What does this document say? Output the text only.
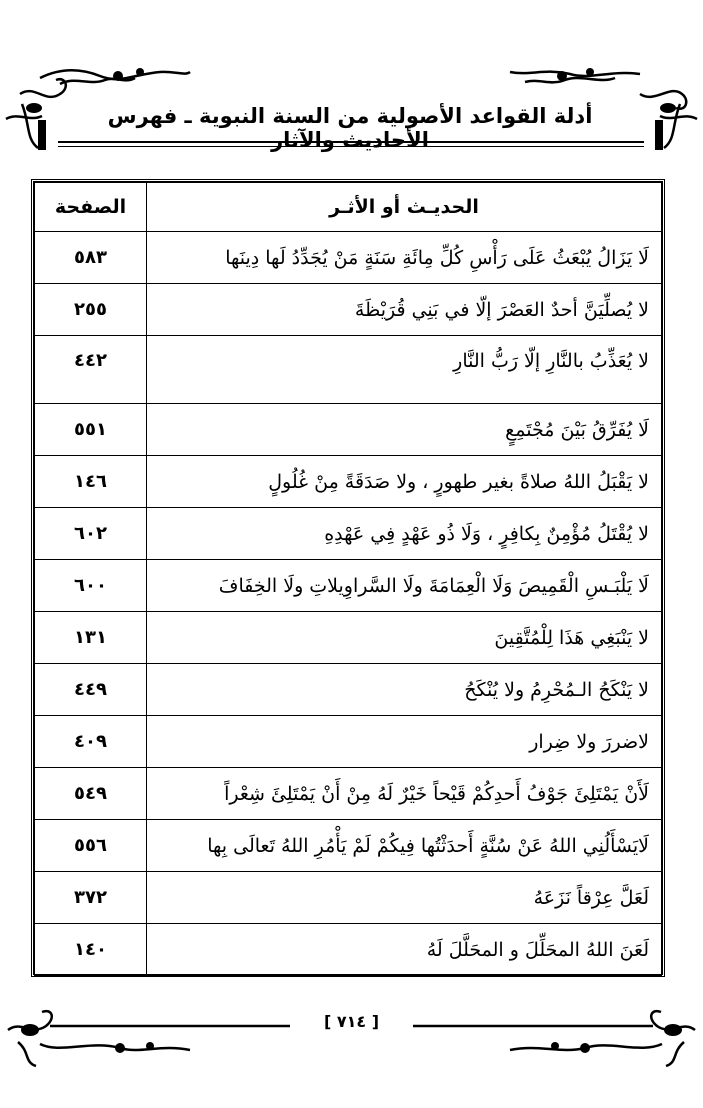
أدلة القواعد الأصولية من السنة النبوية ـ فهرس الأحاديث والآثار
الحديـث أو الأثـر	الصفحة
لَا يَزَالُ يُبْعَثُ عَلَى رَأْسِ كُلِّ مِائَةِ سَنَةٍ مَنْ يُجَدِّدُ لَها دِينَها	٥٨٣
لا يُصلِّيَنَّ أحدٌ العَصْرَ إلّا في بَنِي قُرَيْظَةَ	٢٥٥
لا يُعَذِّبُ بالنَّارِ إلّا رَبُّ النَّارِ	٤٤٢
لَا يُفَرِّقُ بَيْنَ مُجْتَمِعٍ	٥٥١
لا يَقْبَلُ اللهُ صلاةً بغير طهورٍ ، ولا صَدَقَةً مِنْ غُلُولٍ	١٤٦
لا يُقْتَلُ مُؤْمِنٌ بِكافِرٍ ، وَلَا ذُو عَهْدٍ فِي عَهْدِهِ	٦٠٢
لَا يَلْبَـسِ الْقَمِيصَ وَلَا الْعِمَامَةَ ولَا السَّراوِيلاتِ ولَا الخِفَافَ	٦٠٠
لا يَنْبَغِي هَذَا لِلْمُتَّقِينَ	١٣١
لا يَنْكَحُ الـمُحْرِمُ ولا يُنْكَحُ	٤٤٩
لاضررَ ولا ضِرار	٤٠٩
لَأَنْ يَمْتَلِئَ جَوْفُ أَحدِكُمْ قَيْحاً خَيْرٌ لَهُ مِنْ أَنْ يَمْتَلِئَ شِعْراً	٥٤٩
لَايَسْأَلُنِي اللهُ عَنْ سُنَّةٍ أَحدَثْتُها فِيكُمْ لَمْ يَأْمُرِ اللهُ تَعالَى بِها	٥٥٦
لَعَلَّ عِرْقاً نَزَعَهُ	٣٧٢
لَعَنَ اللهُ المحَلِّلَ و المحَلَّلَ لَهُ	١٤٠
[ ٧١٤ ]
